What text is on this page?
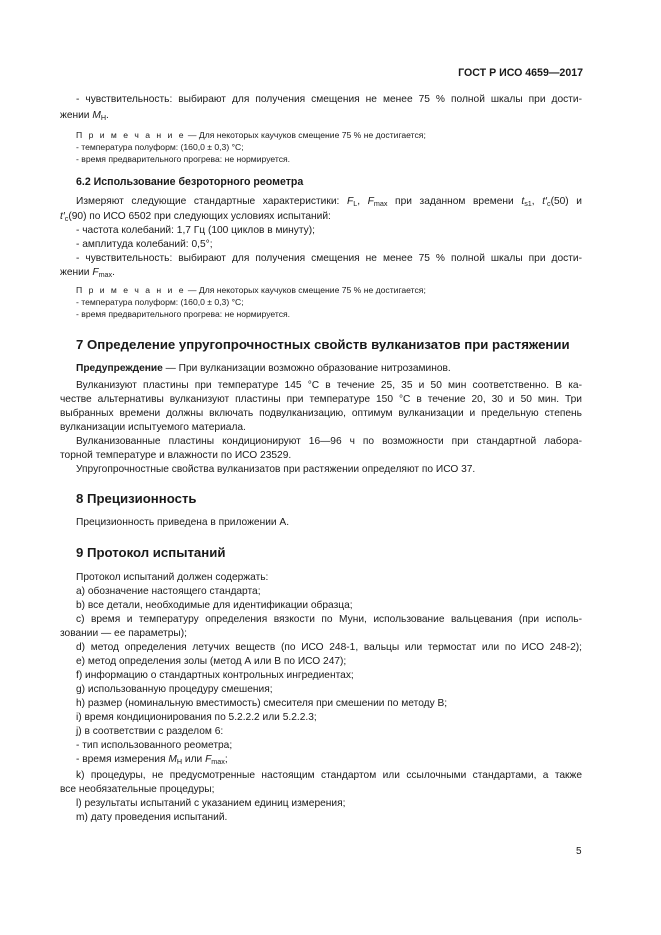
ГОСТ Р ИСО 4659—2017
- чувствительность: выбирают для получения смещения не менее 75 % полной шкалы при дости-
жении $M_H$.
П р и м е ч а н и е — Для некоторых каучуков смещение 75 % не достигается;
- температура полуформ: (160,0 ± 0,3) °C;
- время предварительного прогрева: не нормируется.
6.2 Использование безроторного реометра
Измеряют следующие стандартные характеристики: $F_L$, $F_{max}$ при заданном времени $t_{s1}$, $t'_c(50)$ и
$t'_c(90)$ по ИСО 6502 при следующих условиях испытаний:
- частота колебаний: 1,7 Гц (100 циклов в минуту);
- амплитуда колебаний: 0,5°;
- чувствительность: выбирают для получения смещения не менее 75 % полной шкалы при дости-
жении $F_{max}$.
П р и м е ч а н и е — Для некоторых каучуков смещение 75 % не достигается;
- температура полуформ: (160,0 ± 0,3) °C;
- время предварительного прогрева: не нормируется.
7 Определение упругопрочностных свойств вулканизатов при растяжении
Предупреждение — При вулканизации возможно образование нитрозаминов.
Вулканизуют пластины при температуре 145 °C в течение 25, 35 и 50 мин соответственно. В ка-
честве альтернативы вулканизуют пластины при температуре 150 °C в течение 20, 30 и 50 мин. Три
выбранных времени должны включать подвулканизацию, оптимум вулканизации и предельную степень
вулканизации испытуемого материала.
Вулканизованные пластины кондиционируют 16—96 ч по возможности при стандартной лабора-
торной температуре и влажности по ИСО 23529.
Упругопрочностные свойства вулканизатов при растяжении определяют по ИСО 37.
8 Прецизионность
Прецизионность приведена в приложении А.
9 Протокол испытаний
Протокол испытаний должен содержать:
a) обозначение настоящего стандарта;
b) все детали, необходимые для идентификации образца;
c) время и температуру определения вязкости по Муни, использование вальцевания (при исполь-
зовании — ее параметры);
d) метод определения летучих веществ (по ИСО 248-1, вальцы или термостат или по ИСО 248-2);
e) метод определения золы (метод А или В по ИСО 247);
f) информацию о стандартных контрольных ингредиентах;
g) использованную процедуру смешения;
h) размер (номинальную вместимость) смесителя при смешении по методу В;
i) время кондиционирования по 5.2.2.2 или 5.2.2.3;
j) в соответствии с разделом 6:
- тип использованного реометра;
- время измерения $M_H$ или $F_{max}$;
k) процедуры, не предусмотренные настоящим стандартом или ссылочными стандартами, а также
все необязательные процедуры;
l) результаты испытаний с указанием единиц измерения;
m) дату проведения испытаний.
5
